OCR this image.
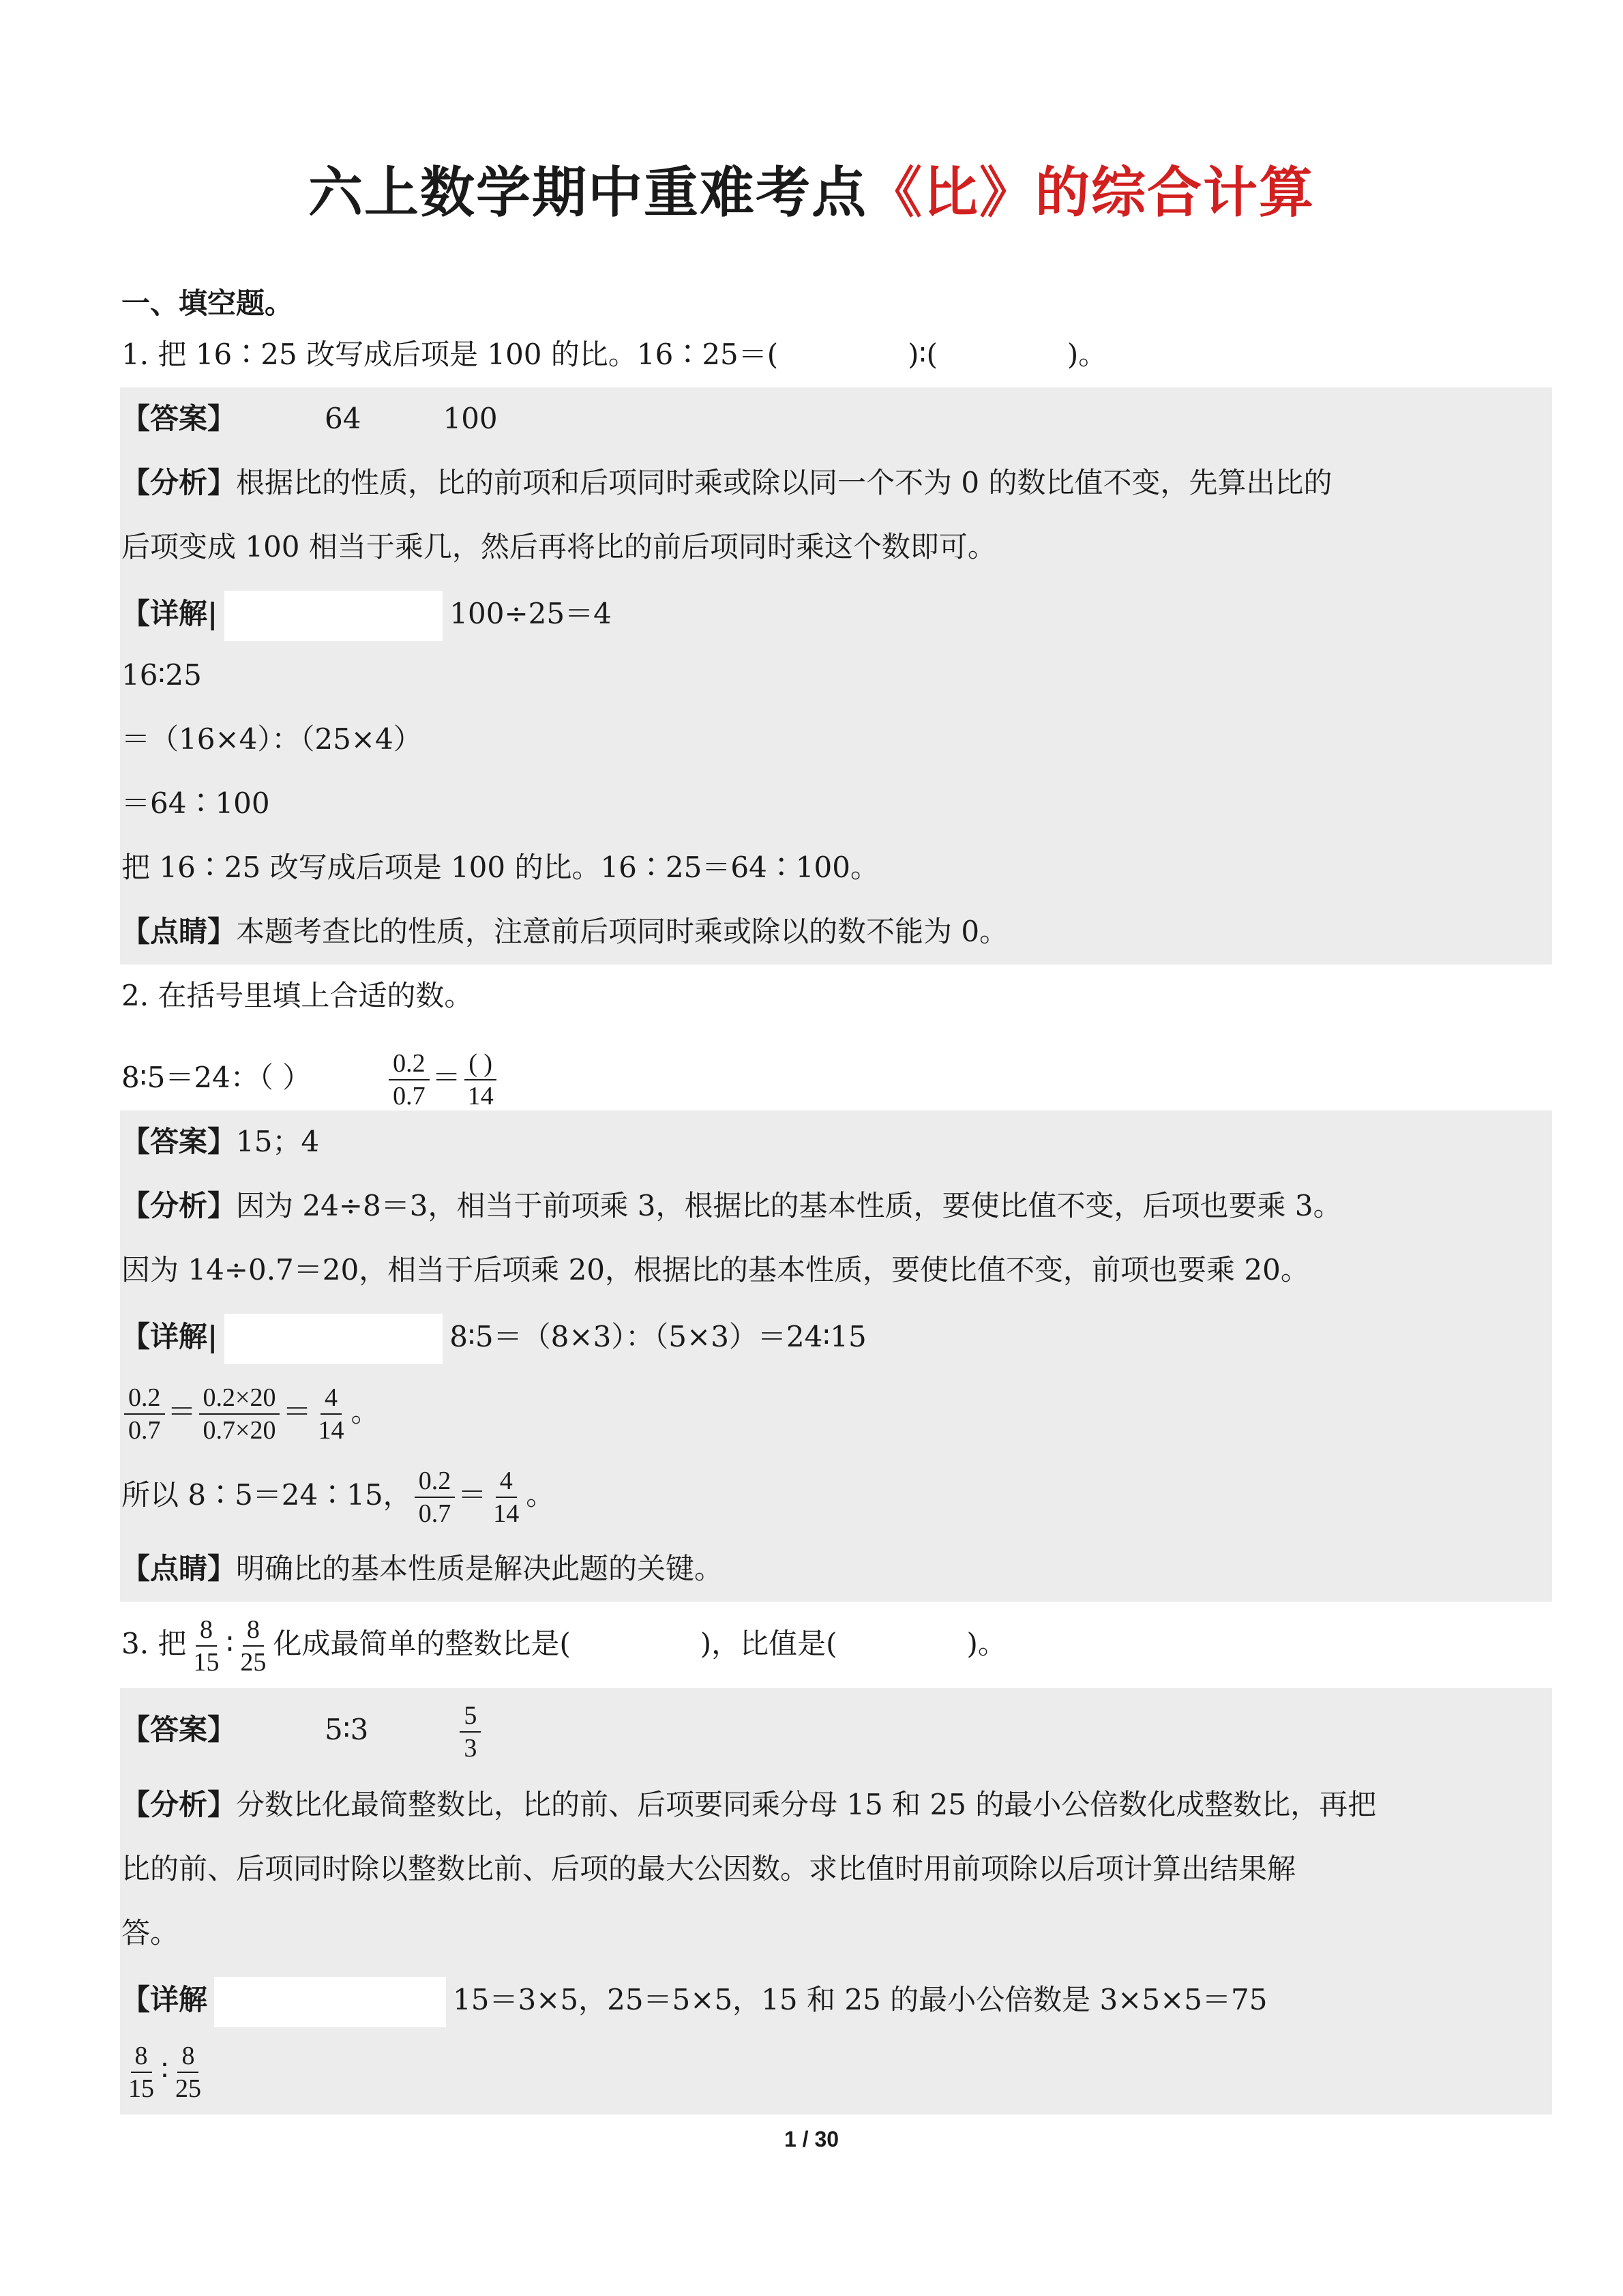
六上数学期中重难考点《比》的综合计算
一、填空题。
1. 把 16∶25 改写成后项是 100 的比。16∶25＝(	)∶(	)。
【答案】	64	100
【分析】根据比的性质，比的前项和后项同时乘或除以同一个不为 0 的数比值不变，先算出比的
后项变成 100 相当于乘几，然后再将比的前后项同时乘这个数即可。
【详解|	100÷25＝4
16∶25
＝（16×4）：（25×4）
＝64∶100
把 16∶25 改写成后项是 100 的比。16∶25＝64∶100。
【点睛】本题考查比的性质，注意前后项同时乘或除以的数不能为 0。
2. 在括号里填上合适的数。
8∶5＝24：（ ）	$\frac{0.2}{0.7} = \frac{( )}{14}$
【答案】15；4
【分析】因为 24÷8＝3，相当于前项乘 3，根据比的基本性质，要使比值不变，后项也要乘 3。
因为 14÷0.7＝20，相当于后项乘 20，根据比的基本性质，要使比值不变，前项也要乘 20。
【详解|	8∶5＝（8×3）：（5×3）＝24∶15
$\frac{0.2}{0.7} = \frac{0.2\times 20}{0.7\times 20} = \frac{4}{14}$ 。
所以 8∶5＝24∶15， $\frac{0.2}{0.7} = \frac{4}{14}$ 。
【点睛】明确比的基本性质是解决此题的关键。
3. 把 $\frac{8}{15}$ ∶ $\frac{8}{25}$ 化成最简单的整数比是(	)，比值是(	)。
【答案】	5∶3	$\frac{5}{3}$
【分析】分数比化最简整数比，比的前、后项要同乘分母 15 和 25 的最小公倍数化成整数比，再把
比的前、后项同时除以整数比前、后项的最大公因数。求比值时用前项除以后项计算出结果解
答。
【详解	15＝3×5，25＝5×5，15 和 25 的最小公倍数是 3×5×5＝75
$\frac{8}{15}$ ∶ $\frac{8}{25}$
1 / 30
